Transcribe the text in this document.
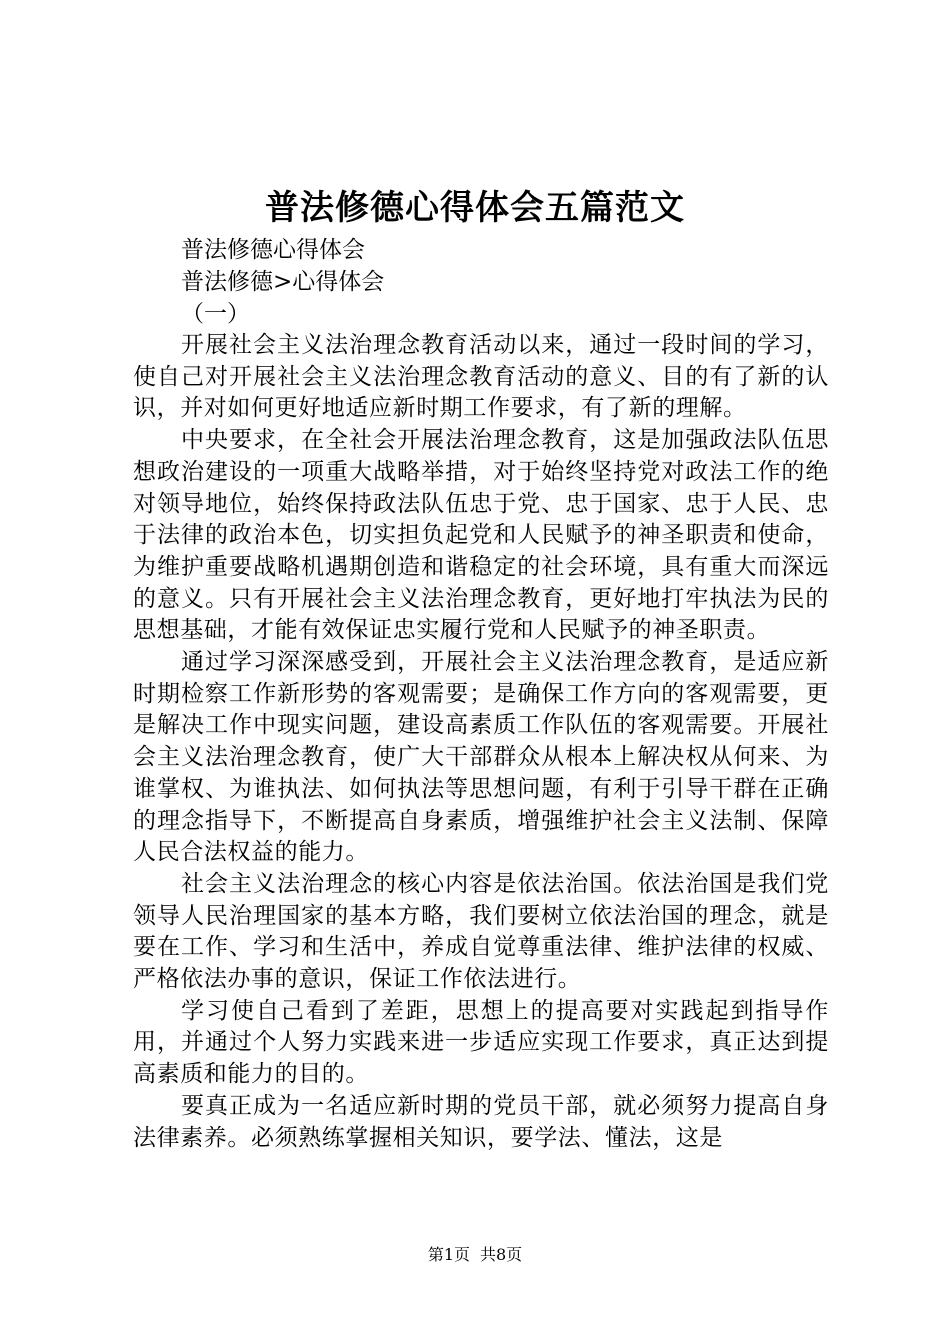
普法修德心得体会五篇范文

普法修德心得体会

普法修德>心得体会

（一）

开展社会主义法治理念教育活动以来，通过一段时间的学习，使自己对开展社会主义法治理念教育活动的意义、目的有了新的认识，并对如何更好地适应新时期工作要求，有了新的理解。

中央要求，在全社会开展法治理念教育，这是加强政法队伍思想政治建设的一项重大战略举措，对于始终坚持党对政法工作的绝对领导地位，始终保持政法队伍忠于党、忠于国家、忠于人民、忠于法律的政治本色，切实担负起党和人民赋予的神圣职责和使命，为维护重要战略机遇期创造和谐稳定的社会环境，具有重大而深远的意义。只有开展社会主义法治理念教育，更好地打牢执法为民的思想基础，才能有效保证忠实履行党和人民赋予的神圣职责。

通过学习深深感受到，开展社会主义法治理念教育，是适应新时期检察工作新形势的客观需要；是确保工作方向的客观需要，更是解决工作中现实问题，建设高素质工作队伍的客观需要。开展社会主义法治理念教育，使广大干部群众从根本上解决权从何来、为谁掌权、为谁执法、如何执法等思想问题，有利于引导干群在正确的理念指导下，不断提高自身素质，增强维护社会主义法制、保障人民合法权益的能力。

社会主义法治理念的核心内容是依法治国。依法治国是我们党领导人民治理国家的基本方略，我们要树立依法治国的理念，就是要在工作、学习和生活中，养成自觉尊重法律、维护法律的权威、严格依法办事的意识，保证工作依法进行。

学习使自己看到了差距，思想上的提高要对实践起到指导作用，并通过个人努力实践来进一步适应实现工作要求，真正达到提高素质和能力的目的。

要真正成为一名适应新时期的党员干部，就必须努力提高自身法律素养。必须熟练掌握相关知识，要学法、懂法，这是

第1页 共8页
